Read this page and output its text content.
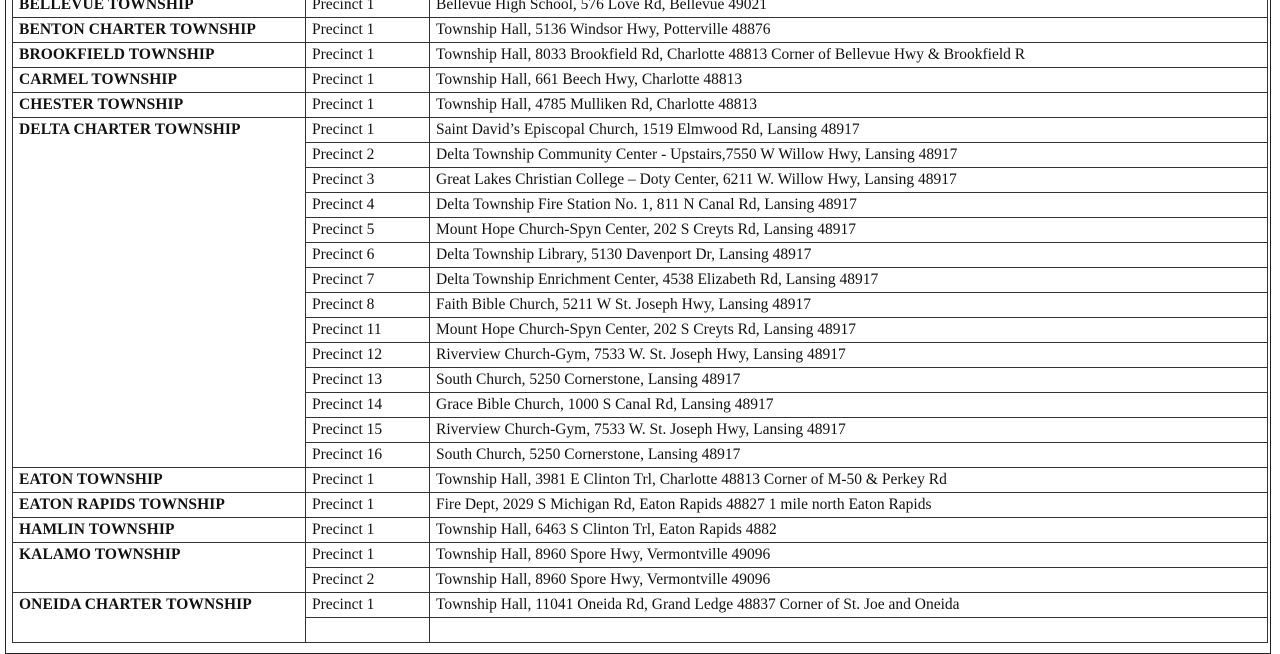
BELLEVUE TOWNSHIP	Precinct 1	Bellevue High School, 576 Love Rd, Bellevue 49021
BENTON CHARTER TOWNSHIP	Precinct 1	Township Hall, 5136 Windsor Hwy, Potterville 48876
BROOKFIELD TOWNSHIP	Precinct 1	Township Hall, 8033 Brookfield Rd, Charlotte 48813 Corner of Bellevue Hwy & Brookfield R
CARMEL TOWNSHIP	Precinct 1	Township Hall, 661 Beech Hwy, Charlotte 48813
CHESTER TOWNSHIP	Precinct 1	Township Hall, 4785 Mulliken Rd, Charlotte 48813
DELTA CHARTER TOWNSHIP	Precinct 1	Saint David’s Episcopal Church, 1519 Elmwood Rd, Lansing 48917
	Precinct 2	Delta Township Community Center - Upstairs,7550 W Willow Hwy, Lansing 48917
	Precinct 3	Great Lakes Christian College – Doty Center, 6211 W. Willow Hwy, Lansing 48917
	Precinct 4	Delta Township Fire Station No. 1, 811 N Canal Rd, Lansing 48917
	Precinct 5	Mount Hope Church-Spyn Center, 202 S Creyts Rd, Lansing 48917
	Precinct 6	Delta Township Library, 5130 Davenport Dr, Lansing 48917
	Precinct 7	Delta Township Enrichment Center, 4538 Elizabeth Rd, Lansing 48917
	Precinct 8	Faith Bible Church, 5211 W St. Joseph Hwy, Lansing 48917
	Precinct 11	Mount Hope Church-Spyn Center, 202 S Creyts Rd, Lansing 48917
	Precinct 12	Riverview Church-Gym, 7533 W. St. Joseph Hwy, Lansing 48917
	Precinct 13	South Church, 5250 Cornerstone, Lansing 48917
	Precinct 14	Grace Bible Church, 1000 S Canal Rd, Lansing 48917
	Precinct 15	Riverview Church-Gym, 7533 W. St. Joseph Hwy, Lansing 48917
	Precinct 16	South Church, 5250 Cornerstone, Lansing 48917
EATON TOWNSHIP	Precinct 1	Township Hall, 3981 E Clinton Trl, Charlotte 48813 Corner of M-50 & Perkey Rd
EATON RAPIDS TOWNSHIP	Precinct 1	Fire Dept, 2029 S Michigan Rd, Eaton Rapids 48827 1 mile north Eaton Rapids
HAMLIN TOWNSHIP	Precinct 1	Township Hall, 6463 S Clinton Trl, Eaton Rapids 4882
KALAMO TOWNSHIP	Precinct 1	Township Hall, 8960 Spore Hwy, Vermontville 49096
	Precinct 2	Township Hall, 8960 Spore Hwy, Vermontville 49096
ONEIDA CHARTER TOWNSHIP	Precinct 1	Township Hall, 11041 Oneida Rd, Grand Ledge 48837 Corner of St. Joe and Oneida
